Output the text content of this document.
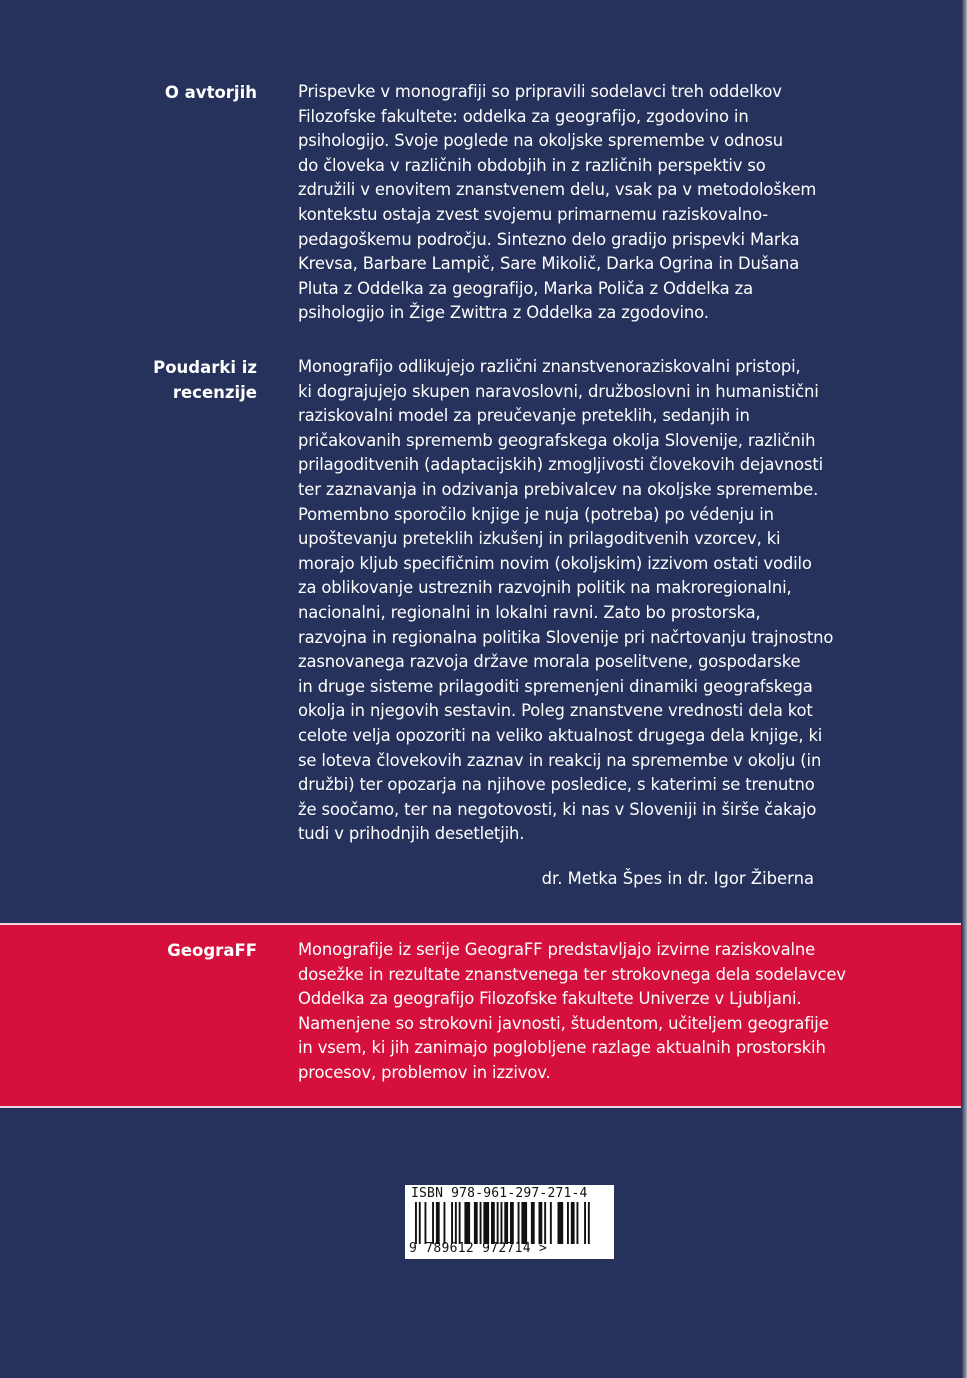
O avtorjih	Prispevke v monografiji so pripravili sodelavci treh oddelkov
Filozofske fakultete: oddelka za geografijo, zgodovino in
psihologijo. Svoje poglede na okoljske spremembe v odnosu
do človeka v različnih obdobjih in z različnih perspektiv so
združili v enovitem znanstvenem delu, vsak pa v metodološkem
kontekstu ostaja zvest svojemu primarnemu raziskovalno-
pedagoškemu področju. Sintezno delo gradijo prispevki Marka
Krevsa, Barbare Lampič, Sare Mikolič, Darka Ogrina in Dušana
Pluta z Oddelka za geografijo, Marka Poliča z Oddelka za
psihologijo in Žige Zwittra z Oddelka za zgodovino.
Poudarki iz recenzije
Monografijo odlikujejo različni znanstvenoraziskovalni pristopi,
ki dograjujejo skupen naravoslovni, družboslovni in humanistični
raziskovalni model za preučevanje preteklih, sedanjih in
pričakovanih sprememb geografskega okolja Slovenije, različnih
prilagoditvenih (adaptacijskih) zmogljivosti človekovih dejavnosti
ter zaznavanja in odzivanja prebivalcev na okoljske spremembe.
Pomembno sporočilo knjige je nuja (potreba) po védenju in
upoštevanju preteklih izkušenj in prilagoditvenih vzorcev, ki
morajo kljub specifičnim novim (okoljskim) izzivom ostati vodilo
za oblikovanje ustreznih razvojnih politik na makroregionalni,
nacionalni, regionalni in lokalni ravni. Zato bo prostorska,
razvojna in regionalna politika Slovenije pri načrtovanju trajnostno
zasnovanega razvoja države morala poselitvene, gospodarske
in druge sisteme prilagoditi spremenjeni dinamiki geografskega
okolja in njegovih sestavin. Poleg znanstvene vrednosti dela kot
celote velja opozoriti na veliko aktualnost drugega dela knjige, ki
se loteva človekovih zaznav in reakcij na spremembe v okolju (in
družbi) ter opozarja na njihove posledice, s katerimi se trenutno
že soočamo, ter na negotovosti, ki nas v Sloveniji in širše čakajo
tudi v prihodnjih desetletjih.
dr. Metka Špes in dr. Igor Žiberna
GeograFF	Monografije iz serije GeograFF predstavljajo izvirne raziskovalne
dosežke in rezultate znanstvenega ter strokovnega dela sodelavcev
Oddelka za geografijo Filozofske fakultete Univerze v Ljubljani.
Namenjene so strokovni javnosti, študentom, učiteljem geografije
in vsem, ki jih zanimajo poglobljene razlage aktualnih prostorskih
procesov, problemov in izzivov.
ISBN 978-961-297-271-4
9 789612 972714 >
